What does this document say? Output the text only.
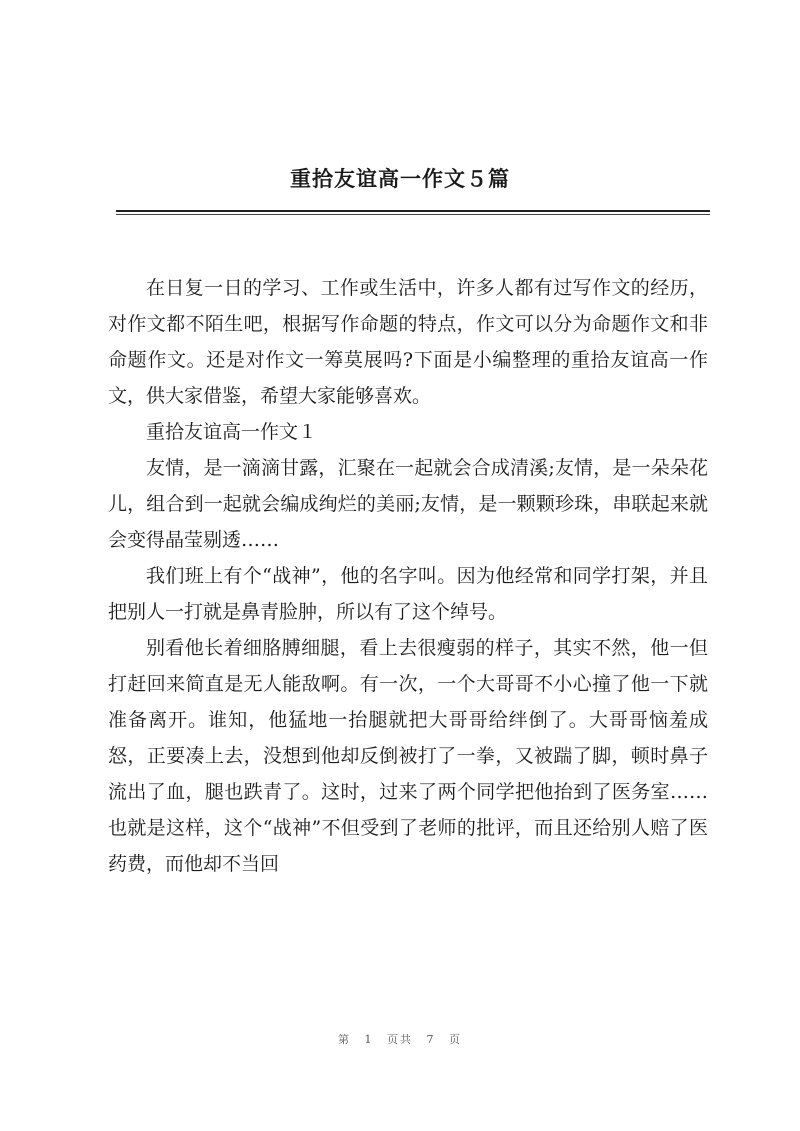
重拾友谊高一作文５篇

在日复一日的学习、工作或生活中，许多人都有过写作文的经历，对作文都不陌生吧，根据写作命题的特点，作文可以分为命题作文和非命题作文。还是对作文一筹莫展吗?下面是小编整理的重拾友谊高一作文，供大家借鉴，希望大家能够喜欢。

重拾友谊高一作文１

友情，是一滴滴甘露，汇聚在一起就会合成清溪;友情，是一朵朵花儿，组合到一起就会编成绚烂的美丽;友情，是一颗颗珍珠，串联起来就会变得晶莹剔透……

我们班上有个“战神”，他的名字叫。因为他经常和同学打架，并且把别人一打就是鼻青脸肿，所以有了这个绰号。

别看他长着细胳膊细腿，看上去很瘦弱的样子，其实不然，他一但打赶回来简直是无人能敌啊。有一次，一个大哥哥不小心撞了他一下就准备离开。谁知，他猛地一抬腿就把大哥哥给绊倒了。大哥哥恼羞成怒，正要凑上去，没想到他却反倒被打了一拳，又被踹了脚，顿时鼻子流出了血，腿也跌青了。这时，过来了两个同学把他抬到了医务室……也就是这样，这个“战神”不但受到了老师的批评，而且还给别人赔了医药费，而他却不当回

第 1 页共 7 页
